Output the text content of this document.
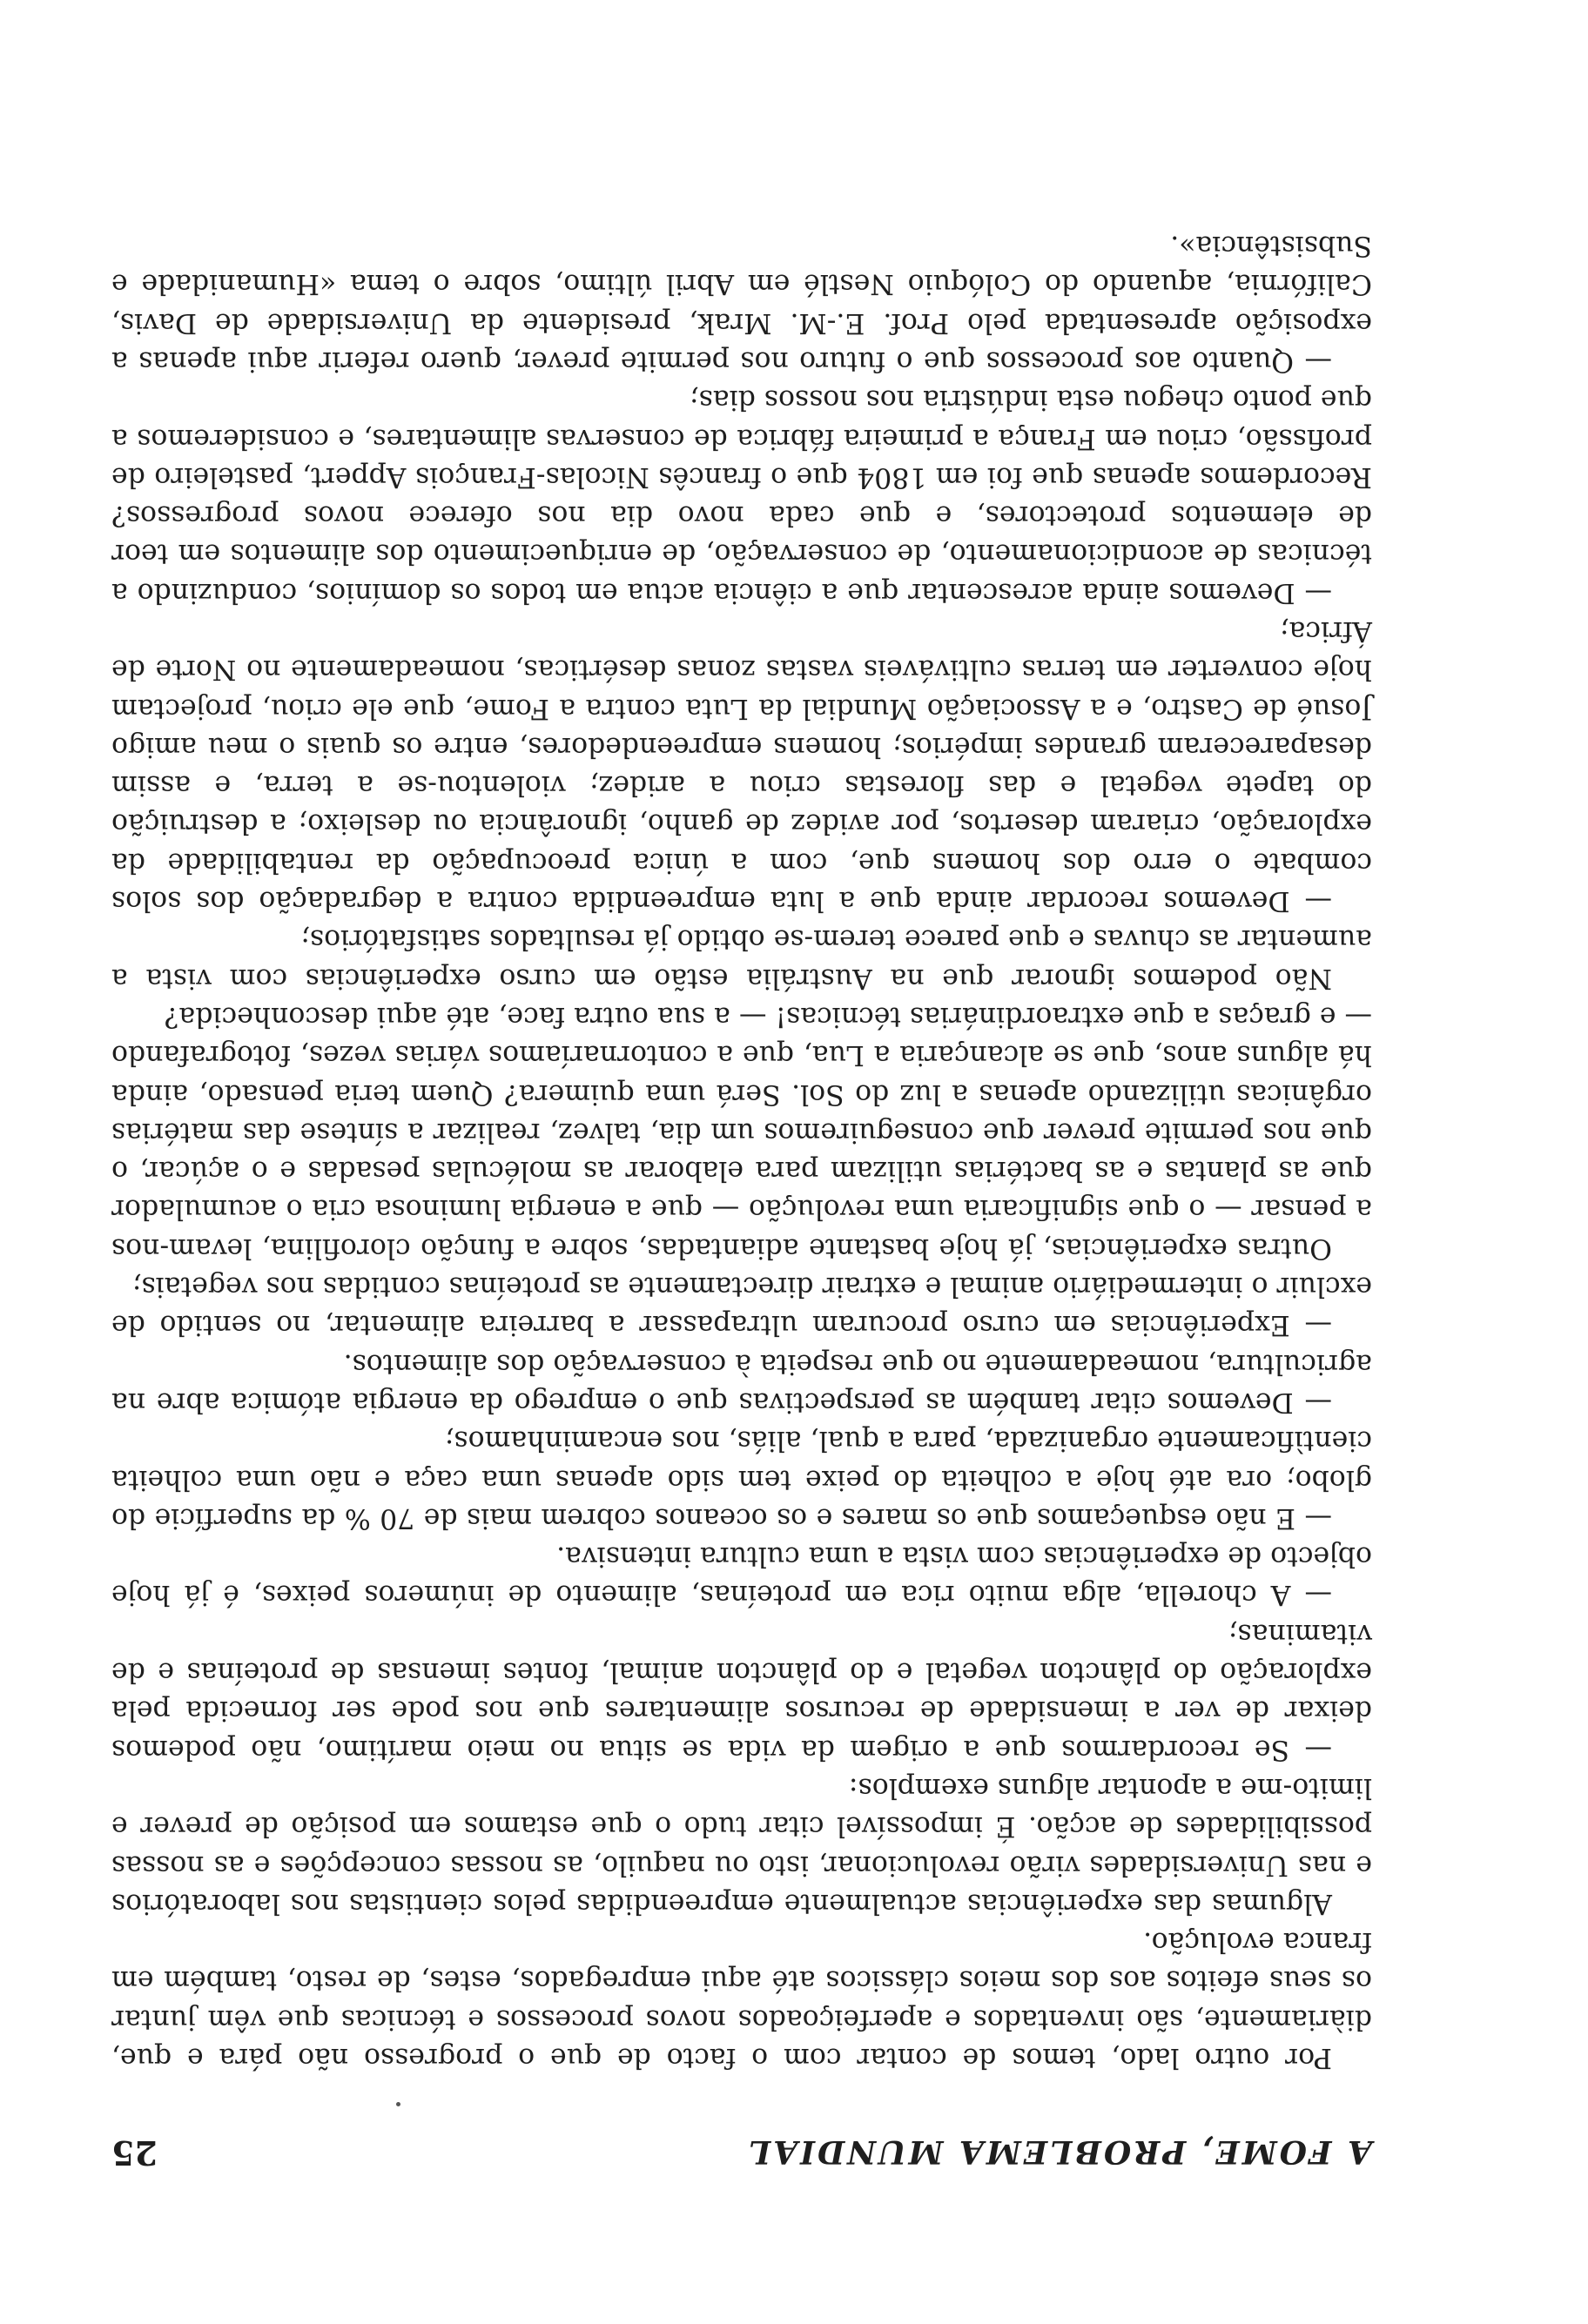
A FOME, PROBLEMA MUNDIAL
25

Por outro lado, temos de contar com o facto de que o progresso não pára e que, diàriamente, são inventados e aperfeiçoados novos processos e técnicas que vêm juntar os seus efeitos aos dos meios clássicos até aqui empregados, estes, de resto, também em franca evolução.

Algumas das experiências actualmente empreendidas pelos cientistas nos laboratórios e nas Universidades virão revolucionar, isto ou naquilo, as nossas concepções e as nossas possibilidades de acção. É impossível citar tudo o que estamos em posição de prever e limito-me a apontar alguns exemplos:

— Se recordarmos que a origem da vida se situa no meio marítimo, não podemos deixar de ver a imensidade de recursos alimentares que nos pode ser fornecida pela exploração do plâncton vegetal e do plâncton animal, fontes imensas de proteínas e de vitaminas;

— A chorella, alga muito rica em proteínas, alimento de inúmeros peixes, é já hoje objecto de experiências com vista a uma cultura intensiva.

— E não esqueçamos que os mares e os oceanos cobrem mais de 70 % da superfície do globo; ora até hoje a colheita do peixe tem sido apenas uma caça e não uma colheita cientìficamente organizada, para a qual, aliás, nos encaminhamos;

— Devemos citar também as perspectivas que o emprego da energia atómica abre na agricultura, nomeadamente no que respeita à conservação dos alimentos.

— Experiências em curso procuram ultrapassar a barreira alimentar, no sentido de excluir o intermediário animal e extrair directamente as proteínas contidas nos vegetais;

Outras experiências, já hoje bastante adiantadas, sobre a função clorofilina, levam-nos a pensar — o que significaria uma revolução — que a energia luminosa cria o acumulador que as plantas e as bactérias utilizam para elaborar as moléculas pesadas e o açúcar, o que nos permite prever que conseguiremos um dia, talvez, realizar a síntese das matérias orgânicas utilizando apenas a luz do Sol. Será uma quimera? Quem teria pensado, ainda há alguns anos, que se alcançaria a Lua, que a contornaríamos várias vezes, fotografando — e graças a que extraordinárias técnicas! — a sua outra face, até aqui desconhecida?

Não podemos ignorar que na Austrália estão em curso experiências com vista a aumentar as chuvas e que parece terem-se obtido já resultados satisfatórios;

— Devemos recordar ainda que a luta empreendida contra a degradação dos solos combate o erro dos homens que, com a única preocupação da rentabilidade da exploração, criaram desertos, por avidez de ganho, ignorância ou desleixo; a destruição do tapete vegetal e das florestas criou a aridez; violentou-se a terra, e assim desapareceram grandes impérios; homens empreendedores, entre os quais o meu amigo Josué de Castro, e a Associação Mundial da Luta contra a Fome, que ele criou, projectam hoje converter em terras cultiváveis vastas zonas desérticas, nomeadamente no Norte de África;

— Devemos ainda acrescentar que a ciência actua em todos os domínios, conduzindo a técnicas de acondicionamento, de conservação, de enriquecimento dos alimentos em teor de elementos protectores, e que cada novo dia nos oferece novos progressos? Recordemos apenas que foi em 1804 que o francês Nicolas-François Appert, pasteleiro de profissão, criou em França a primeira fábrica de conservas alimentares, e consideremos a que ponto chegou esta indústria nos nossos dias;

— Quanto aos processos que o futuro nos permite prever, quero referir aqui apenas a exposição apresentada pelo Prof. E.-M. Mrak, presidente da Universidade de Davis, Califórnia, aquando do Colóquio Nestlé em Abril último, sobre o tema «Humanidade e Subsistência».
